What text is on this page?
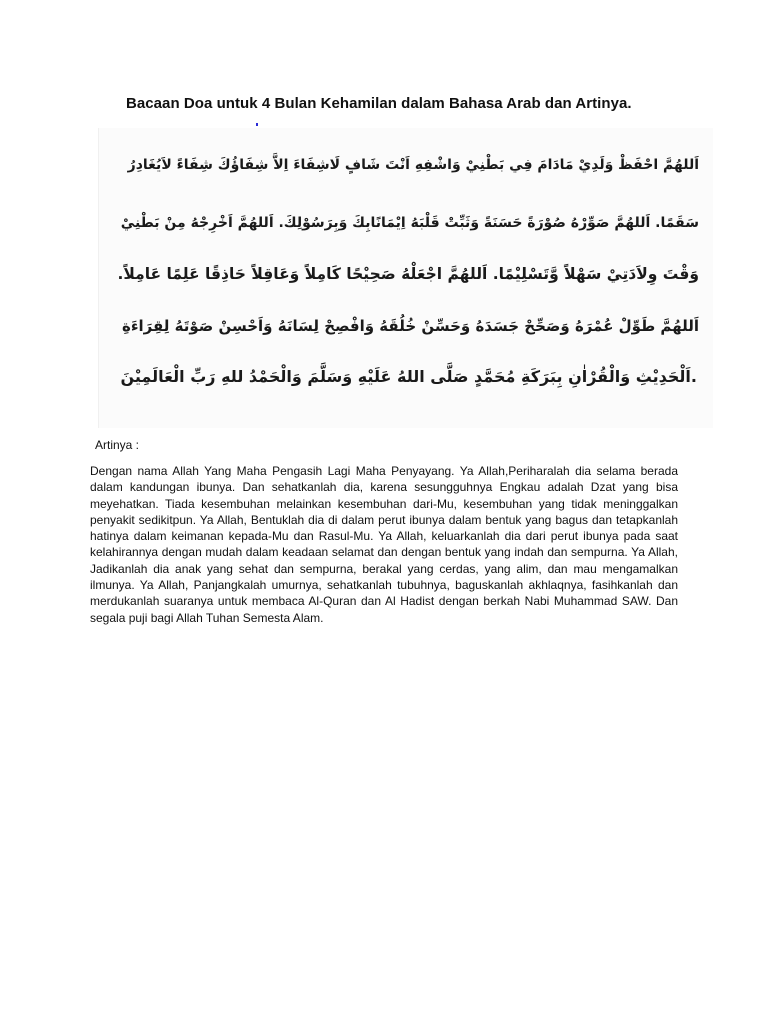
Bacaan Doa untuk 4 Bulan Kehamilan dalam Bahasa Arab dan Artinya.
اَللهُمَّ احْفَظْ وَلَدِيْ مَادَامَ فِي بَطْنِيْ وَاشْفِهِ اَنْتَ شَافٍ لَاشِفَاءَ اِلاَّ شِفَاؤُكَ شِفَاءً لاَيُغَادِرُ
سَقَمًا. اَللهُمَّ صَوِّرْهُ صُوْرَةً حَسَنَةً وَثَبِّتْ قَلْبَهُ اِيْمَانًابِكَ وَبِرَسُوْلِكَ. اَللهُمَّ اَخْرِجْهُ مِنْ بَطْنِيْ
وَقْتَ وِلاَدَتِيْ سَهْلاً وَّتَسْلِيْمًا. اَللهُمَّ اجْعَلْهُ صَحِيْحًا كَامِلاً وَعَاقِلاً حَاذِقًا عَلِمًا عَامِلاً.
اَللهُمَّ طَوِّلْ عُمْرَهُ وَصَحِّحْ جَسَدَهُ وَحَسِّنْ خُلُقَهُ وَافْصِحْ لِسَانَهُ وَاَحْسِنْ صَوْتَهُ لِقِرَاءَةِ
.اَلْحَدِيْثِ وَالْقُرْاٰنِ بِبَرَكَةِ مُحَمَّدٍ صَلَّى اللهُ عَلَيْهِ وَسَلَّمَ وَالْحَمْدُ للهِ رَبِّ الْعَالَمِيْنَ
Artinya :
Dengan nama Allah Yang Maha Pengasih Lagi Maha Penyayang. Ya Allah,Periharalah dia selama berada dalam kandungan ibunya. Dan sehatkanlah dia, karena sesungguhnya Engkau adalah Dzat yang bisa meyehatkan. Tiada kesembuhan melainkan kesembuhan dari-Mu, kesembuhan yang tidak meninggalkan penyakit sedikitpun. Ya Allah, Bentuklah dia di dalam perut ibunya dalam bentuk yang bagus dan tetapkanlah hatinya dalam keimanan kepada-Mu dan Rasul-Mu. Ya Allah, keluarkanlah dia dari perut ibunya pada saat kelahirannya dengan mudah dalam keadaan selamat dan dengan bentuk yang indah dan sempurna. Ya Allah, Jadikanlah dia anak yang sehat dan sempurna, berakal yang cerdas, yang alim, dan mau mengamalkan ilmunya. Ya Allah, Panjangkalah umurnya, sehatkanlah tubuhnya, baguskanlah akhlaqnya, fasihkanlah dan merdukanlah suaranya untuk membaca Al-Quran dan Al Hadist dengan berkah Nabi Muhammad SAW. Dan segala puji bagi Allah Tuhan Semesta Alam.
